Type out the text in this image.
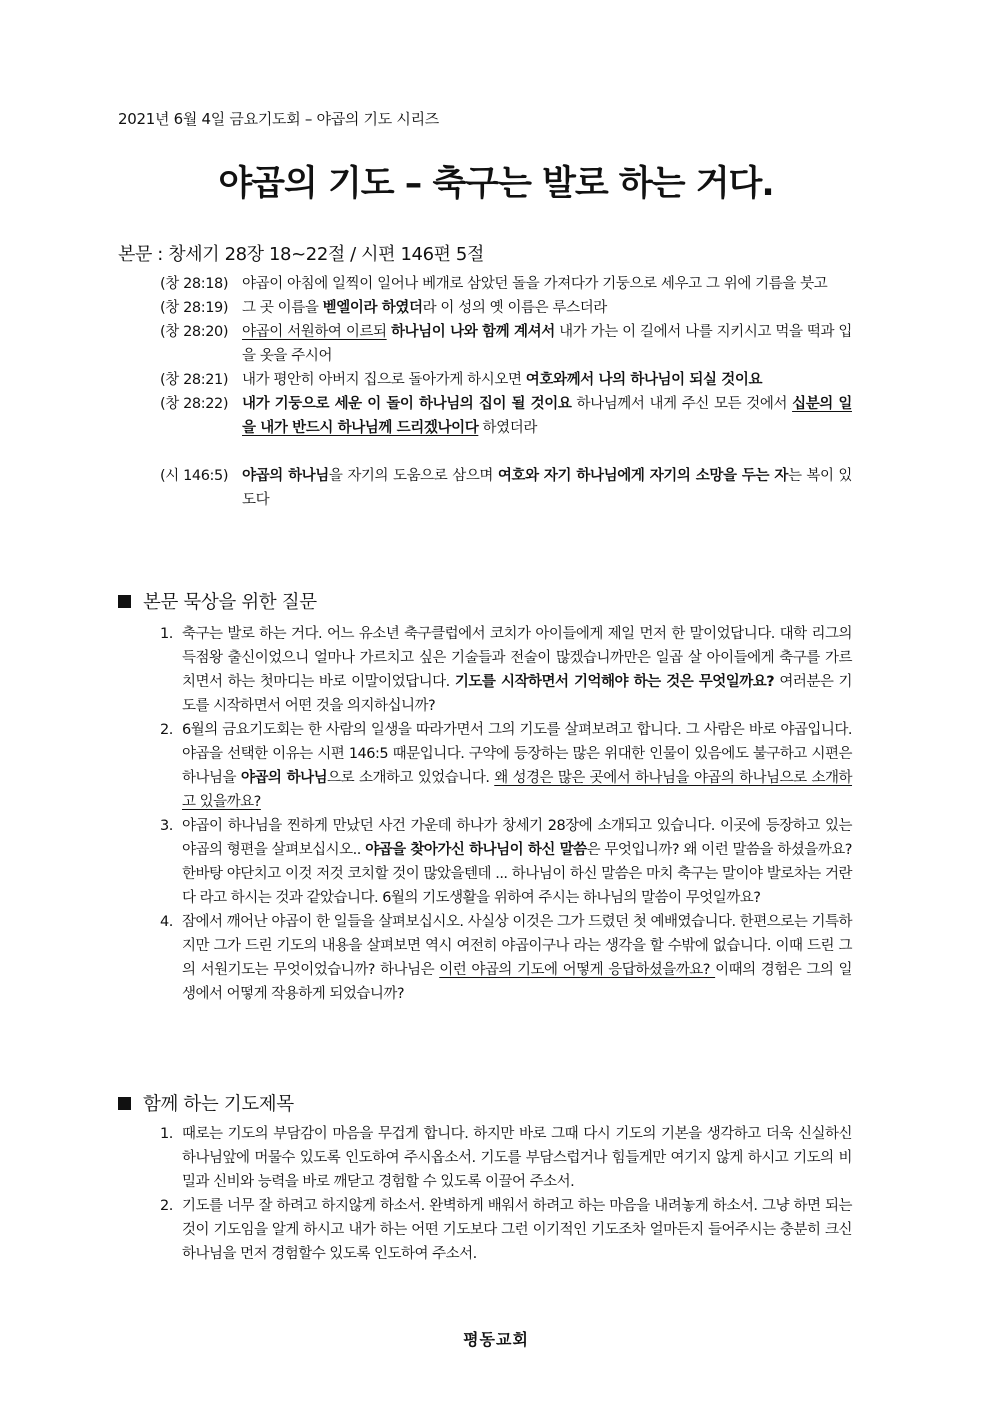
2021년 6월 4일 금요기도회 – 야곱의 기도 시리즈
야곱의 기도 – 축구는 발로 하는 거다.
본문 : 창세기 28장 18~22절 / 시편 146편 5절
(창 28:18) 야곱이 아침에 일찍이 일어나 베개로 삼았던 돌을 가져다가 기둥으로 세우고 그 위에 기름을 붓고
(창 28:19) 그 곳 이름을 벧엘이라 하였더라 이 성의 옛 이름은 루스더라
(창 28:20) 야곱이 서원하여 이르되 하나님이 나와 함께 계셔서 내가 가는 이 길에서 나를 지키시고 먹을 떡과 입을 옷을 주시어
(창 28:21) 내가 평안히 아버지 집으로 돌아가게 하시오면 여호와께서 나의 하나님이 되실 것이요
(창 28:22) 내가 기둥으로 세운 이 돌이 하나님의 집이 될 것이요 하나님께서 내게 주신 모든 것에서 십분의 일을 내가 반드시 하나님께 드리겠나이다 하였더라
(시 146:5) 야곱의 하나님을 자기의 도움으로 삼으며 여호와 자기 하나님에게 자기의 소망을 두는 자는 복이 있도다
본문 묵상을 위한 질문
1. 축구는 발로 하는 거다. 어느 유소년 축구클럽에서 코치가 아이들에게 제일 먼저 한 말이었답니다. 대학 리그의 득점왕 출신이었으니 얼마나 가르치고 싶은 기술들과 전술이 많겠습니까만은 일곱 살 아이들에게 축구를 가르치면서 하는 첫마디는 바로 이말이었답니다. 기도를 시작하면서 기억해야 하는 것은 무엇일까요? 여러분은 기도를 시작하면서 어떤 것을 의지하십니까?
2. 6월의 금요기도회는 한 사람의 일생을 따라가면서 그의 기도를 살펴보려고 합니다. 그 사람은 바로 야곱입니다. 야곱을 선택한 이유는 시편 146:5 때문입니다. 구약에 등장하는 많은 위대한 인물이 있음에도 불구하고 시편은 하나님을 야곱의 하나님으로 소개하고 있었습니다. 왜 성경은 많은 곳에서 하나님을 야곱의 하나님으로 소개하고 있을까요?
3. 야곱이 하나님을 찐하게 만났던 사건 가운데 하나가 창세기 28장에 소개되고 있습니다. 이곳에 등장하고 있는 야곱의 형편을 살펴보십시오.. 야곱을 찾아가신 하나님이 하신 말씀은 무엇입니까? 왜 이런 말씀을 하셨을까요? 한바탕 야단치고 이것 저것 코치할 것이 많았을텐데 ... 하나님이 하신 말씀은 마치 축구는 말이야 발로차는 거란다 라고 하시는 것과 같았습니다. 6월의 기도생활을 위하여 주시는 하나님의 말씀이 무엇일까요?
4. 잠에서 깨어난 야곱이 한 일들을 살펴보십시오. 사실상 이것은 그가 드렸던 첫 예배였습니다. 한편으로는 기특하지만 그가 드린 기도의 내용을 살펴보면 역시 여전히 야곱이구나 라는 생각을 할 수밖에 없습니다. 이때 드린 그의 서원기도는 무엇이었습니까? 하나님은 이런 야곱의 기도에 어떻게 응답하셨을까요? 이때의 경험은 그의 일생에서 어떻게 작용하게 되었습니까?
함께 하는 기도제목
1. 때로는 기도의 부담감이 마음을 무겁게 합니다. 하지만 바로 그때 다시 기도의 기본을 생각하고 더욱 신실하신 하나님앞에 머물수 있도록 인도하여 주시옵소서. 기도를 부담스럽거나 힘들게만 여기지 않게 하시고 기도의 비밀과 신비와 능력을 바로 깨닫고 경험할 수 있도록 이끌어 주소서.
2. 기도를 너무 잘 하려고 하지않게 하소서. 완벽하게 배워서 하려고 하는 마음을 내려놓게 하소서. 그냥 하면 되는 것이 기도임을 알게 하시고 내가 하는 어떤 기도보다 그런 이기적인 기도조차 얼마든지 들어주시는 충분히 크신 하나님을 먼저 경험할수 있도록 인도하여 주소서.
평동교회
